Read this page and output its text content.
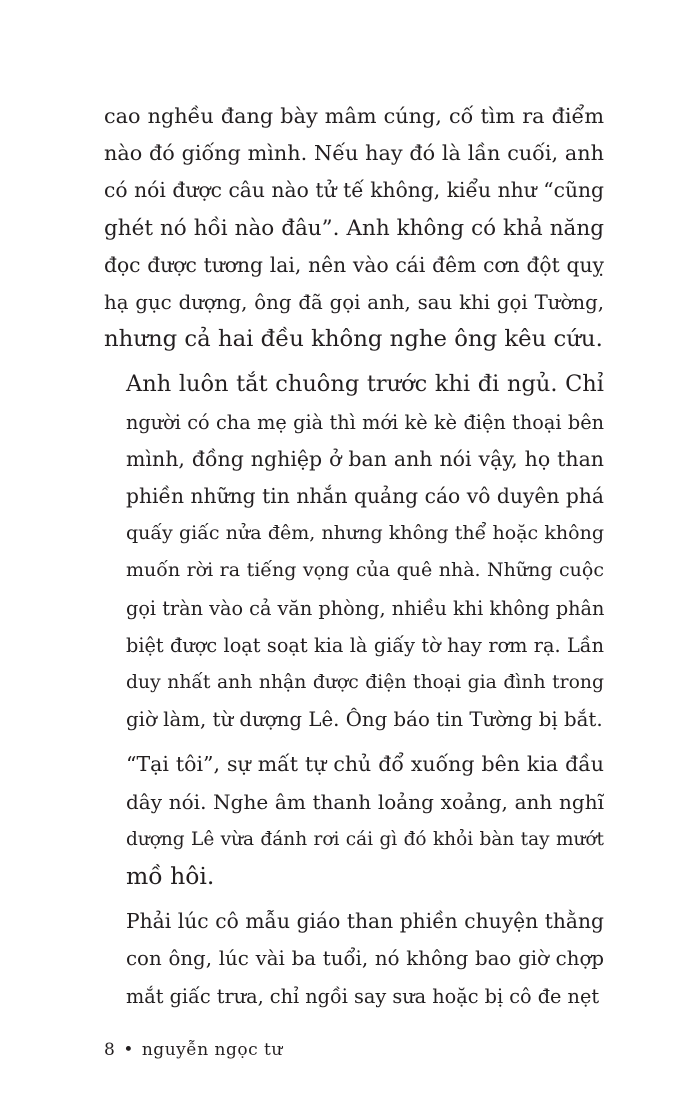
cao nghều đang bày mâm cúng, cố tìm ra điểm
nào đó giống mình. Nếu hay đó là lần cuối, anh
có nói được câu nào tử tế không, kiểu như “cũng
ghét nó hồi nào đâu”. Anh không có khả năng
đọc được tương lai, nên vào cái đêm cơn đột quỵ
hạ gục dượng, ông đã gọi anh, sau khi gọi Tường,
nhưng cả hai đều không nghe ông kêu cứu.

Anh luôn tắt chuông trước khi đi ngủ. Chỉ
người có cha mẹ già thì mới kè kè điện thoại bên
mình, đồng nghiệp ở ban anh nói vậy, họ than
phiền những tin nhắn quảng cáo vô duyên phá
quấy giấc nửa đêm, nhưng không thể hoặc không
muốn rời ra tiếng vọng của quê nhà. Những cuộc
gọi tràn vào cả văn phòng, nhiều khi không phân
biệt được loạt soạt kia là giấy tờ hay rơm rạ. Lần
duy nhất anh nhận được điện thoại gia đình trong
giờ làm, từ dượng Lê. Ông báo tin Tường bị bắt.

“Tại tôi”, sự mất tự chủ đổ xuống bên kia đầu
dây nói. Nghe âm thanh loảng xoảng, anh nghĩ
dượng Lê vừa đánh rơi cái gì đó khỏi bàn tay mướt
mồ hôi.

Phải lúc cô mẫu giáo than phiền chuyện thằng
con ông, lúc vài ba tuổi, nó không bao giờ chợp
mắt giấc trưa, chỉ ngồi say sưa hoặc bị cô đe nẹt

8 • nguyễn ngọc tư
